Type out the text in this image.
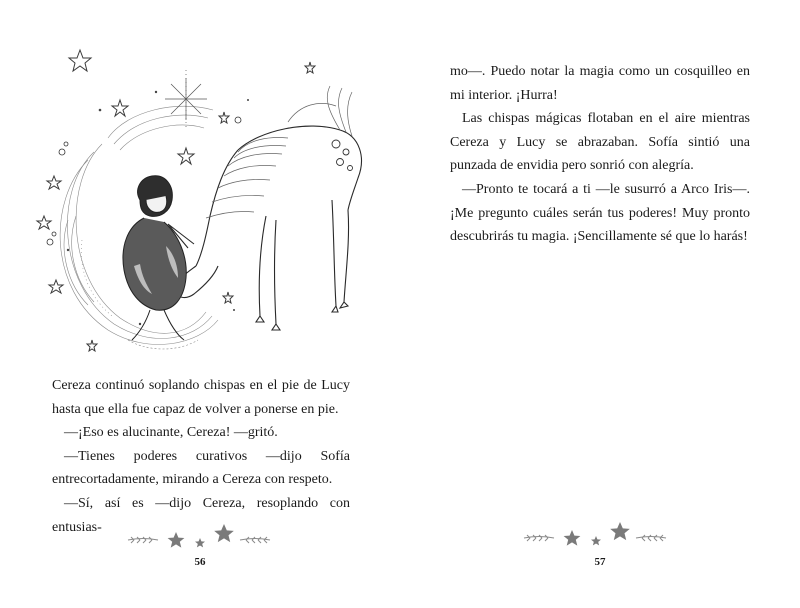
Cereza continuó soplando chispas en el pie de Lucy hasta que ella fue capaz de volver a ponerse en pie.

—¡Eso es alucinante, Cereza! —gritó.

—Tienes poderes curativos —dijo Sofía entrecortadamente, mirando a Cereza con respeto.

—Sí, así es —dijo Cereza, resoplando con entusias-

56

mo—. Puedo notar la magia como un cosquilleo en mi interior. ¡Hurra!

Las chispas mágicas flotaban en el aire mientras Cereza y Lucy se abrazaban. Sofía sintió una punzada de envidia pero sonrió con alegría.

—Pronto te tocará a ti —le susurró a Arco Iris—. ¡Me pregunto cuáles serán tus poderes! Muy pronto descubrirás tu magia. ¡Sencillamente sé que lo harás!

57
